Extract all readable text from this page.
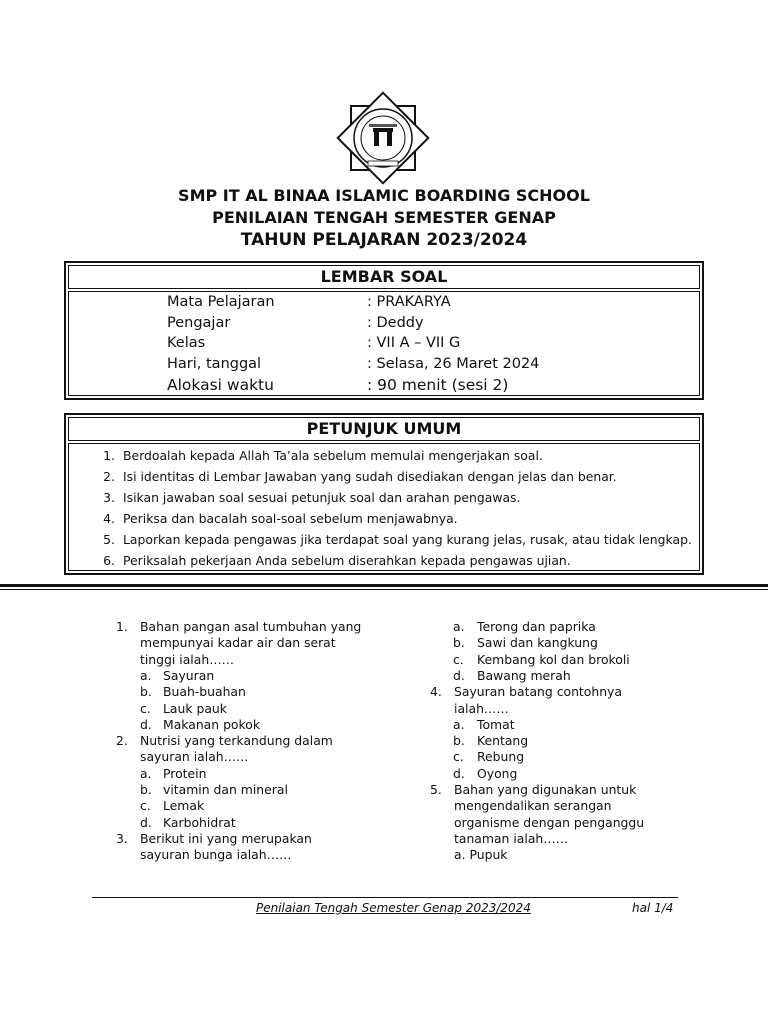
SMP IT AL BINAA ISLAMIC BOARDING SCHOOL
PENILAIAN TENGAH SEMESTER GENAP
TAHUN PELAJARAN 2023/2024
LEMBAR SOAL
Mata Pelajaran	: PRAKARYA
Pengajar	: Deddy
Kelas	: VII A – VII G
Hari, tanggal	: Selasa, 26 Maret 2024
Alokasi waktu	: 90 menit (sesi 2)
PETUNJUK UMUM
1. Berdoalah kepada Allah Ta’ala sebelum memulai mengerjakan soal.
2. Isi identitas di Lembar Jawaban yang sudah disediakan dengan jelas dan benar.
3. Isikan jawaban soal sesuai petunjuk soal dan arahan pengawas.
4. Periksa dan bacalah soal-soal sebelum menjawabnya.
5. Laporkan kepada pengawas jika terdapat soal yang kurang jelas, rusak, atau tidak lengkap.
6. Periksalah pekerjaan Anda sebelum diserahkan kepada pengawas ujian.
1. Bahan pangan asal tumbuhan yang
mempunyai kadar air dan serat
tinggi ialah……
a. Sayuran
b. Buah-buahan
c. Lauk pauk
d. Makanan pokok
2. Nutrisi yang terkandung dalam
sayuran ialah……
a. Protein
b. vitamin dan mineral
c. Lemak
d. Karbohidrat
3. Berikut ini yang merupakan
sayuran bunga ialah……
a. Terong dan paprika
b. Sawi dan kangkung
c. Kembang kol dan brokoli
d. Bawang merah
4. Sayuran batang contohnya
ialah……
a. Tomat
b. Kentang
c. Rebung
d. Oyong
5. Bahan yang digunakan untuk
mengendalikan serangan
organisme dengan penganggu
tanaman ialah……
a. Pupuk
Penilaian Tengah Semester Genap 2023/2024	hal 1/4
